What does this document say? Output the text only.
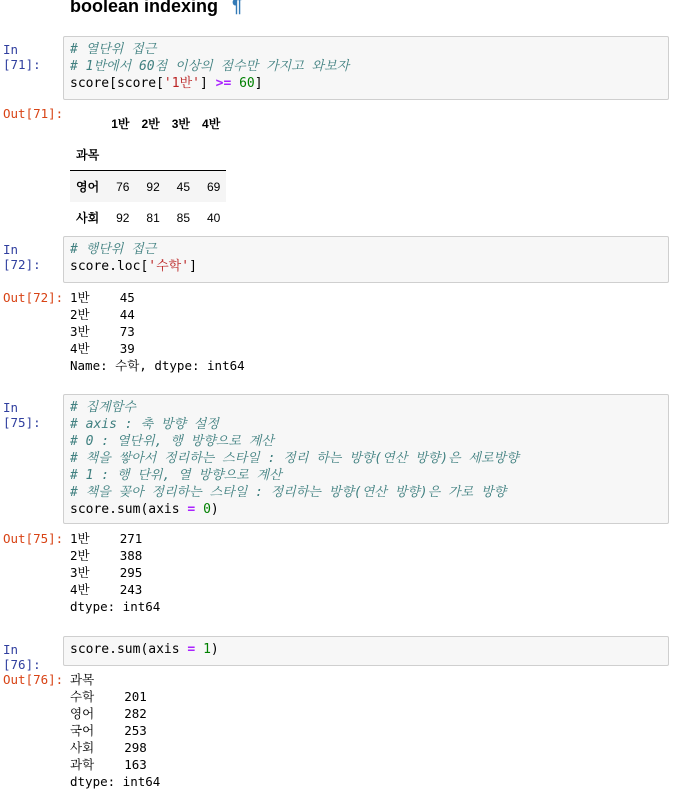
boolean indexing ¶
In [71]:
# 열단위 접근
# 1반에서 60점 이상의 점수만 가지고 와보자
score[score['1반'] >= 60]
Out[71]:
	1반	2반	3반	4반
과목				
영어	76	92	45	69
사회	92	81	85	40
In [72]:
# 행단위 접근
score.loc['수학']
Out[72]: 1반    45
2반    44
3반    73
4반    39
Name: 수학, dtype: int64
In [75]:
# 집계함수
# axis : 축 방향 설정
# 0 : 열단위, 행 방향으로 계산
# 책을 쌓아서 정리하는 스타일 : 정리 하는 방향(연산 방향)은 세로방향
# 1 : 행 단위, 열 방향으로 계산
# 책을 꽂아 정리하는 스타일 : 정리하는 방향(연산 방향)은 가로 방향
score.sum(axis = 0)
Out[75]: 1반    271
2반    388
3반    295
4반    243
dtype: int64
In [76]:
score.sum(axis = 1)
Out[76]: 과목
수학    201
영어    282
국어    253
사회    298
과학    163
dtype: int64
